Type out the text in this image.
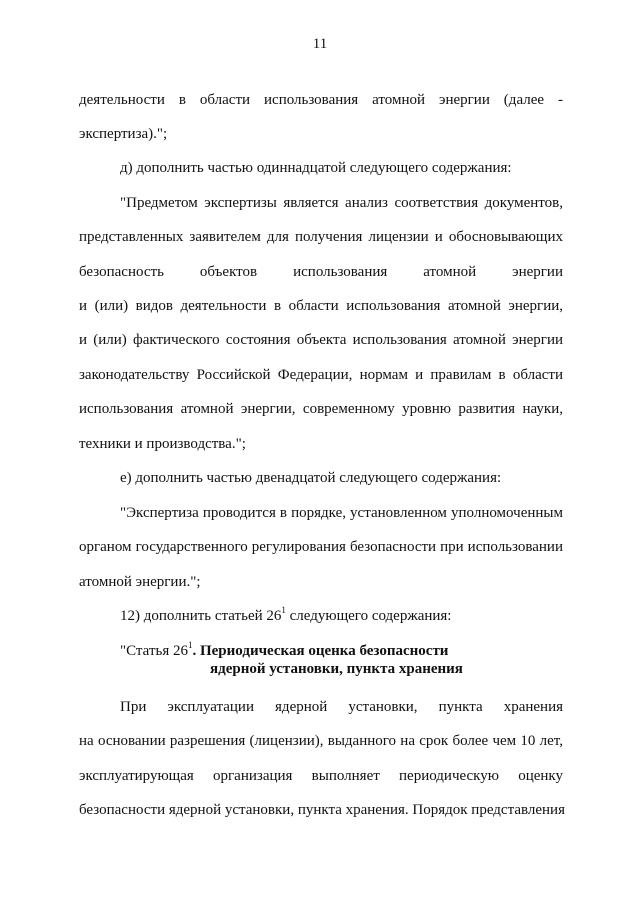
11
деятельности в области использования атомной энергии (далее -
экспертиза).";
д) дополнить частью одиннадцатой следующего содержания:
"Предметом экспертизы является анализ соответствия документов,
представленных заявителем для получения лицензии и обосновывающих
безопасность объектов использования атомной энергии
и (или) видов деятельности в области использования атомной энергии,
и (или) фактического состояния объекта использования атомной энергии
законодательству Российской Федерации, нормам и правилам в области
использования атомной энергии, современному уровню развития науки,
техники и производства.";
е) дополнить частью двенадцатой следующего содержания:
"Экспертиза проводится в порядке, установленном уполномоченным
органом государственного регулирования безопасности при использовании
атомной энергии.";
12) дополнить статьей $26^1$ следующего содержания:
"Статья $26^1$. Периодическая оценка безопасности
ядерной установки, пункта хранения
При эксплуатации ядерной установки, пункта хранения
на основании разрешения (лицензии), выданного на срок более чем 10 лет,
эксплуатирующая организация выполняет периодическую оценку
безопасности ядерной установки, пункта хранения. Порядок представления
